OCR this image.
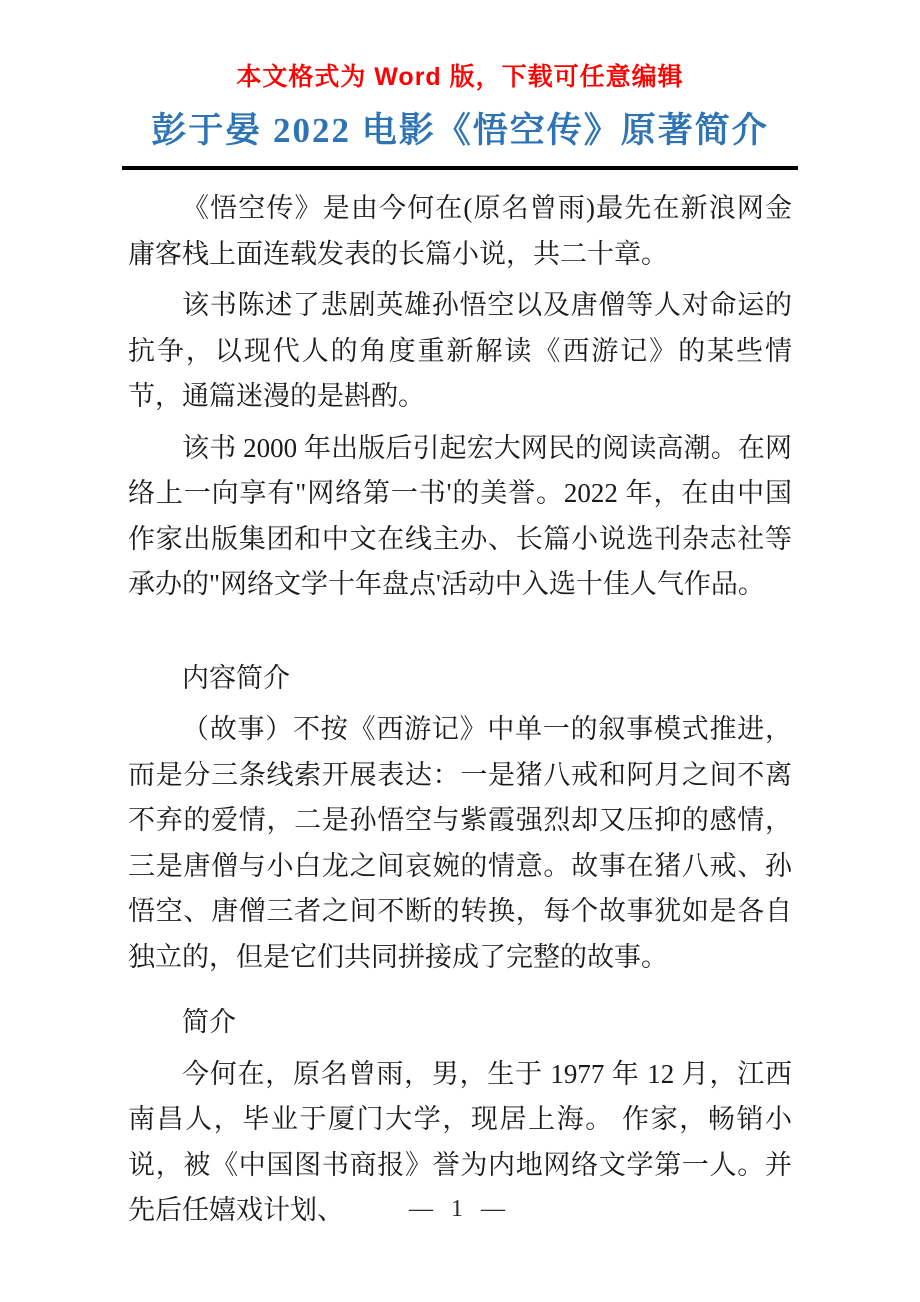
本文格式为 Word 版，下载可任意编辑
彭于晏 2022 电影《悟空传》原著简介

《悟空传》是由今何在(原名曾雨)最先在新浪网金庸客栈上面连载发表的长篇小说，共二十章。

该书陈述了悲剧英雄孙悟空以及唐僧等人对命运的抗争，以现代人的角度重新解读《西游记》的某些情节，通篇迷漫的是斟酌。

该书 2000 年出版后引起宏大网民的阅读高潮。在网络上一向享有"网络第一书'的美誉。2022 年，在由中国作家出版集团和中文在线主办、长篇小说选刊杂志社等承办的"网络文学十年盘点'活动中入选十佳人气作品。

内容简介

（故事）不按《西游记》中单一的叙事模式推进，而是分三条线索开展表达：一是猪八戒和阿月之间不离不弃的爱情，二是孙悟空与紫霞强烈却又压抑的感情，三是唐僧与小白龙之间哀婉的情意。故事在猪八戒、孙悟空、唐僧三者之间不断的转换，每个故事犹如是各自独立的，但是它们共同拼接成了完整的故事。

简介

今何在，原名曾雨，男，生于 1977 年 12 月，江西南昌人，毕业于厦门大学，现居上海。 作家，畅销小说，被《中国图书商报》誉为内地网络文学第一人。并先后任嬉戏计划、	— 1 —
